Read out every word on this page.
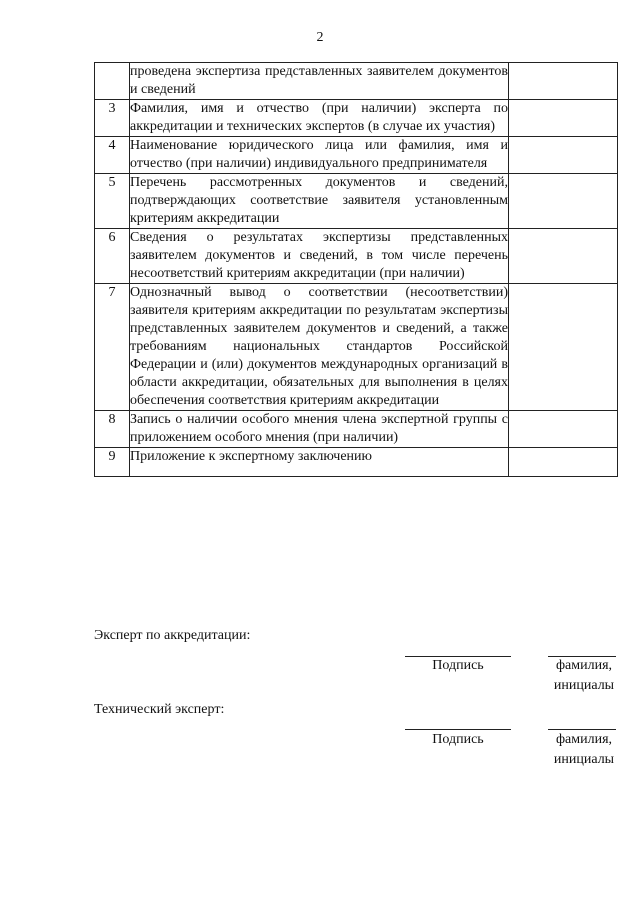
2
	проведена экспертиза представленных заявителем документов и сведений	
3	Фамилия, имя и отчество (при наличии) эксперта по аккредитации и технических экспертов (в случае их участия)	
4	Наименование юридического лица или фамилия, имя и отчество (при наличии) индивидуального предпринимателя	
5	Перечень рассмотренных документов и сведений, подтверждающих соответствие заявителя установленным критериям аккредитации	
6	Сведения о результатах экспертизы представленных заявителем документов и сведений, в том числе перечень несоответствий критериям аккредитации (при наличии)	
7	Однозначный вывод о соответствии (несоответствии) заявителя критериям аккредитации по результатам экспертизы представленных заявителем документов и сведений, а также требованиям национальных стандартов Российской Федерации и (или) документов международных организаций в области аккредитации, обязательных для выполнения в целях обеспечения соответствия критериям аккредитации	
8	Запись о наличии особого мнения члена экспертной группы с приложением особого мнения (при наличии)	
9	Приложение к экспертному заключению	
Эксперт по аккредитации:
Подпись	фамилия, инициалы
Технический эксперт:
Подпись	фамилия, инициалы
